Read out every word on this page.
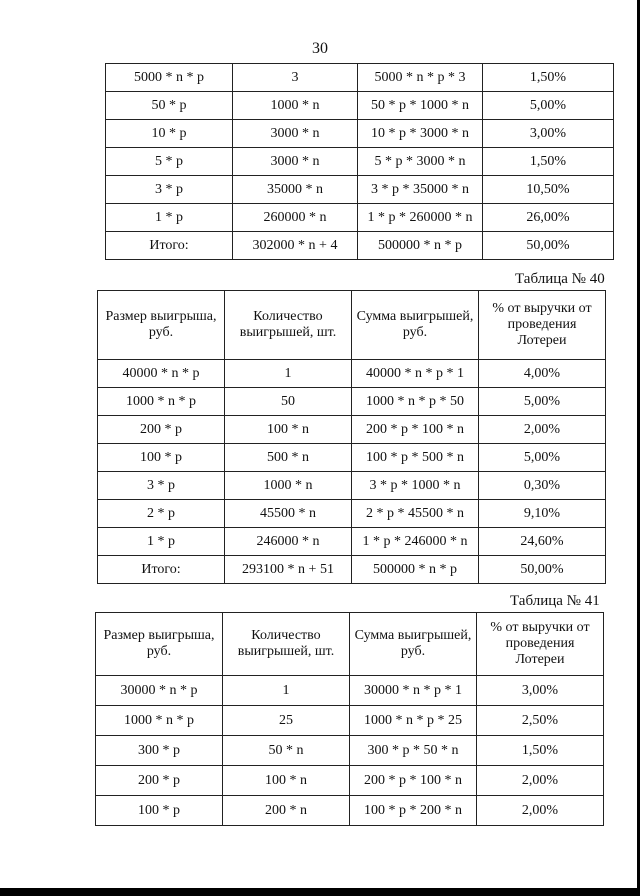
30
5000 * n * p	3	5000 * n * p * 3	1,50%
50 * p	1000 * n	50 * p * 1000 * n	5,00%
10 * p	3000 * n	10 * p * 3000 * n	3,00%
5 * p	3000 * n	5 * p * 3000 * n	1,50%
3 * p	35000 * n	3 * p * 35000 * n	10,50%
1 * p	260000 * n	1 * p * 260000 * n	26,00%
Итого:	302000 * n + 4	500000 * n * p	50,00%
Таблица № 40
Размер выигрыша, руб.	Количество выигрышей, шт.	Сумма выигрышей, руб.	% от выручки от проведения Лотереи
40000 * n * p	1	40000 * n * p * 1	4,00%
1000 * n * p	50	1000 * n * p * 50	5,00%
200 * p	100 * n	200 * p * 100 * n	2,00%
100 * p	500 * n	100 * p * 500 * n	5,00%
3 * p	1000 * n	3 * p * 1000 * n	0,30%
2 * p	45500 * n	2 * p * 45500 * n	9,10%
1 * p	246000 * n	1 * p * 246000 * n	24,60%
Итого:	293100 * n + 51	500000 * n * p	50,00%
Таблица № 41
Размер выигрыша, руб.	Количество выигрышей, шт.	Сумма выигрышей, руб.	% от выручки от проведения Лотереи
30000 * n * p	1	30000 * n * p * 1	3,00%
1000 * n * p	25	1000 * n * p * 25	2,50%
300 * p	50 * n	300 * p * 50 * n	1,50%
200 * p	100 * n	200 * p * 100 * n	2,00%
100 * p	200 * n	100 * p * 200 * n	2,00%
